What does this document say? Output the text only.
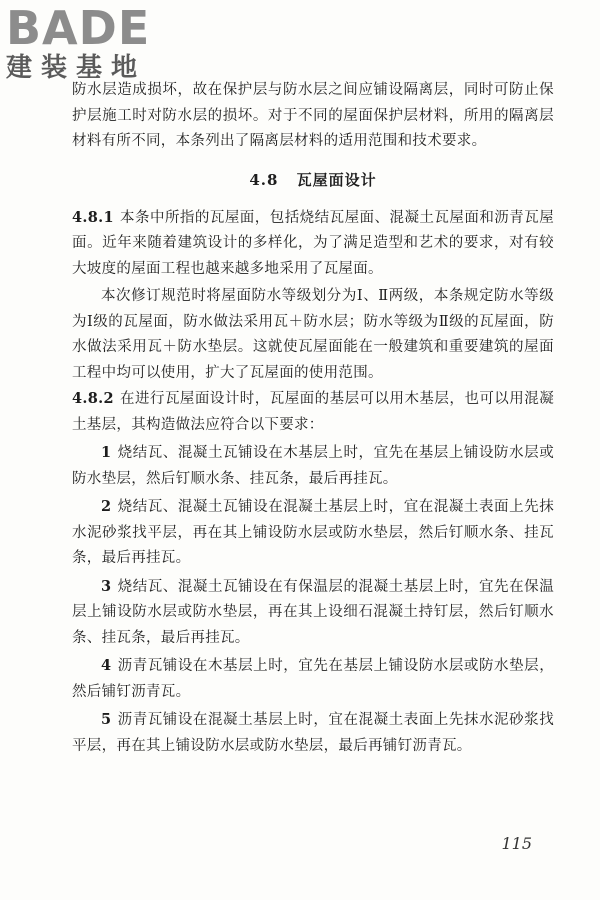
BADE
建装基地

防水层造成损坏，故在保护层与防水层之间应铺设隔离层，同时可防止保护层施工时对防水层的损坏。对于不同的屋面保护层材料，所用的隔离层材料有所不同，本条列出了隔离层材料的适用范围和技术要求。

4.8 瓦屋面设计

4.8.1 本条中所指的瓦屋面，包括烧结瓦屋面、混凝土瓦屋面和沥青瓦屋面。近年来随着建筑设计的多样化，为了满足造型和艺术的要求，对有较大坡度的屋面工程也越来越多地采用了瓦屋面。

本次修订规范时将屋面防水等级划分为Ⅰ、Ⅱ两级，本条规定防水等级为Ⅰ级的瓦屋面，防水做法采用瓦＋防水层；防水等级为Ⅱ级的瓦屋面，防水做法采用瓦＋防水垫层。这就使瓦屋面能在一般建筑和重要建筑的屋面工程中均可以使用，扩大了瓦屋面的使用范围。

4.8.2 在进行瓦屋面设计时，瓦屋面的基层可以用木基层，也可以用混凝土基层，其构造做法应符合以下要求：

1 烧结瓦、混凝土瓦铺设在木基层上时，宜先在基层上铺设防水层或防水垫层，然后钉顺水条、挂瓦条，最后再挂瓦。

2 烧结瓦、混凝土瓦铺设在混凝土基层上时，宜在混凝土表面上先抹水泥砂浆找平层，再在其上铺设防水层或防水垫层，然后钉顺水条、挂瓦条，最后再挂瓦。

3 烧结瓦、混凝土瓦铺设在有保温层的混凝土基层上时，宜先在保温层上铺设防水层或防水垫层，再在其上设细石混凝土持钉层，然后钉顺水条、挂瓦条，最后再挂瓦。

4 沥青瓦铺设在木基层上时，宜先在基层上铺设防水层或防水垫层，然后铺钉沥青瓦。

5 沥青瓦铺设在混凝土基层上时，宜在混凝土表面上先抹水泥砂浆找平层，再在其上铺设防水层或防水垫层，最后再铺钉沥青瓦。

115
